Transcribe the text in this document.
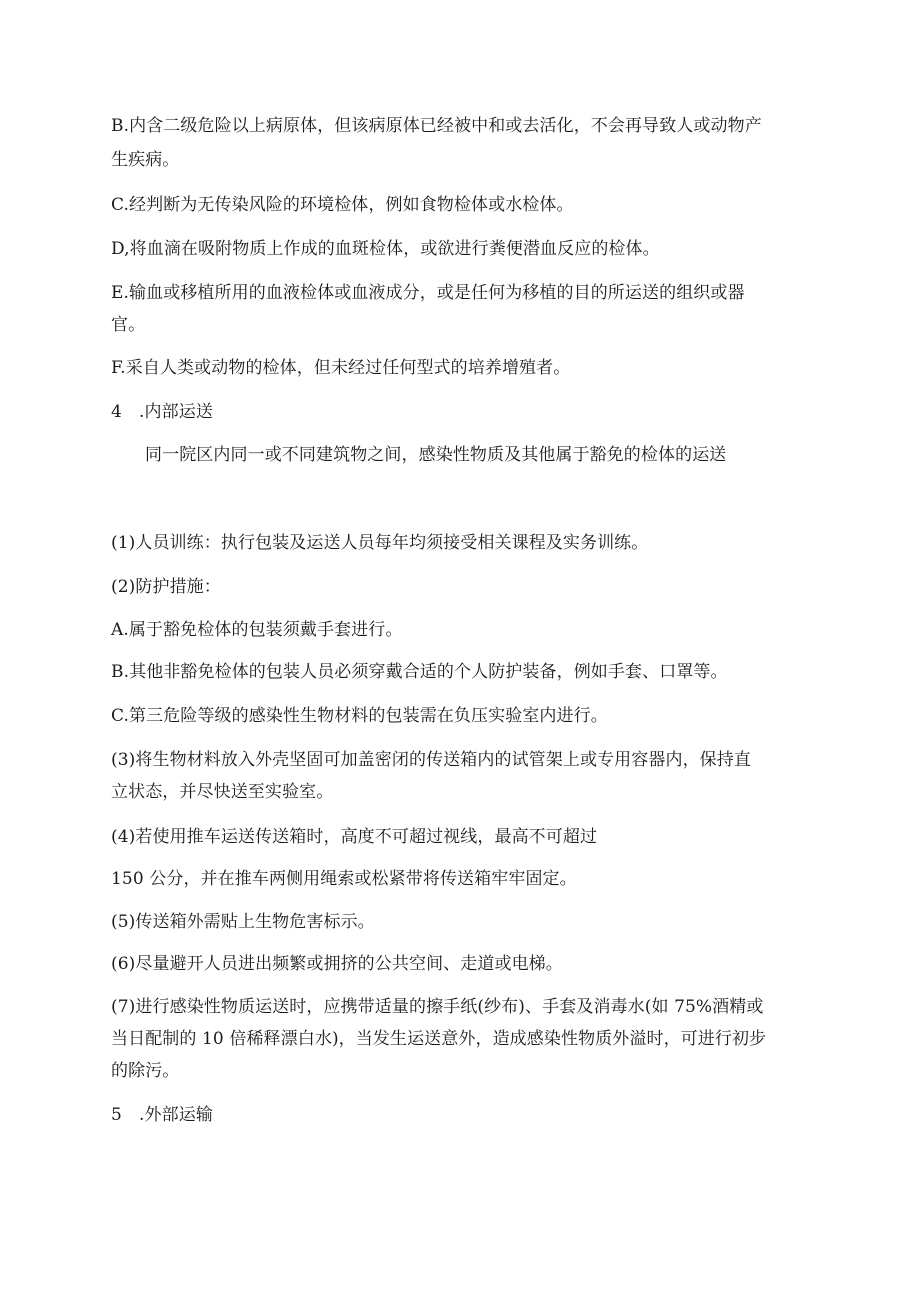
B.内含二级危险以上病原体，但该病原体已经被中和或去活化，不会再导致人或动物产

生疾病。

C.经判断为无传染风险的环境检体，例如食物检体或水检体。

D,将血滴在吸附物质上作成的血斑检体，或欲进行粪便潜血反应的检体。

E.输血或移植所用的血液检体或血液成分，或是任何为移植的目的所运送的组织或器

官。

F.采自人类或动物的检体，但未经过任何型式的培养增殖者。

4　.内部运送

同一院区内同一或不同建筑物之间，感染性物质及其他属于豁免的检体的运送

(1)人员训练：执行包装及运送人员每年均须接受相关课程及实务训练。

(2)防护措施：

A.属于豁免检体的包装须戴手套进行。

B.其他非豁免检体的包装人员必须穿戴合适的个人防护装备，例如手套、口罩等。

C.第三危险等级的感染性生物材料的包装需在负压实验室内进行。

(3)将生物材料放入外壳坚固可加盖密闭的传送箱内的试管架上或专用容器内，保持直

立状态，并尽快送至实验室。

(4)若使用推车运送传送箱时，高度不可超过视线，最高不可超过

150 公分，并在推车两侧用绳索或松紧带将传送箱牢牢固定。

(5)传送箱外需贴上生物危害标示。

(6)尽量避开人员进出频繁或拥挤的公共空间、走道或电梯。

(7)进行感染性物质运送时，应携带适量的擦手纸(纱布)、手套及消毒水(如 75%酒精或

当日配制的 10 倍稀释漂白水)，当发生运送意外，造成感染性物质外溢时，可进行初步

的除污。

5　.外部运输
